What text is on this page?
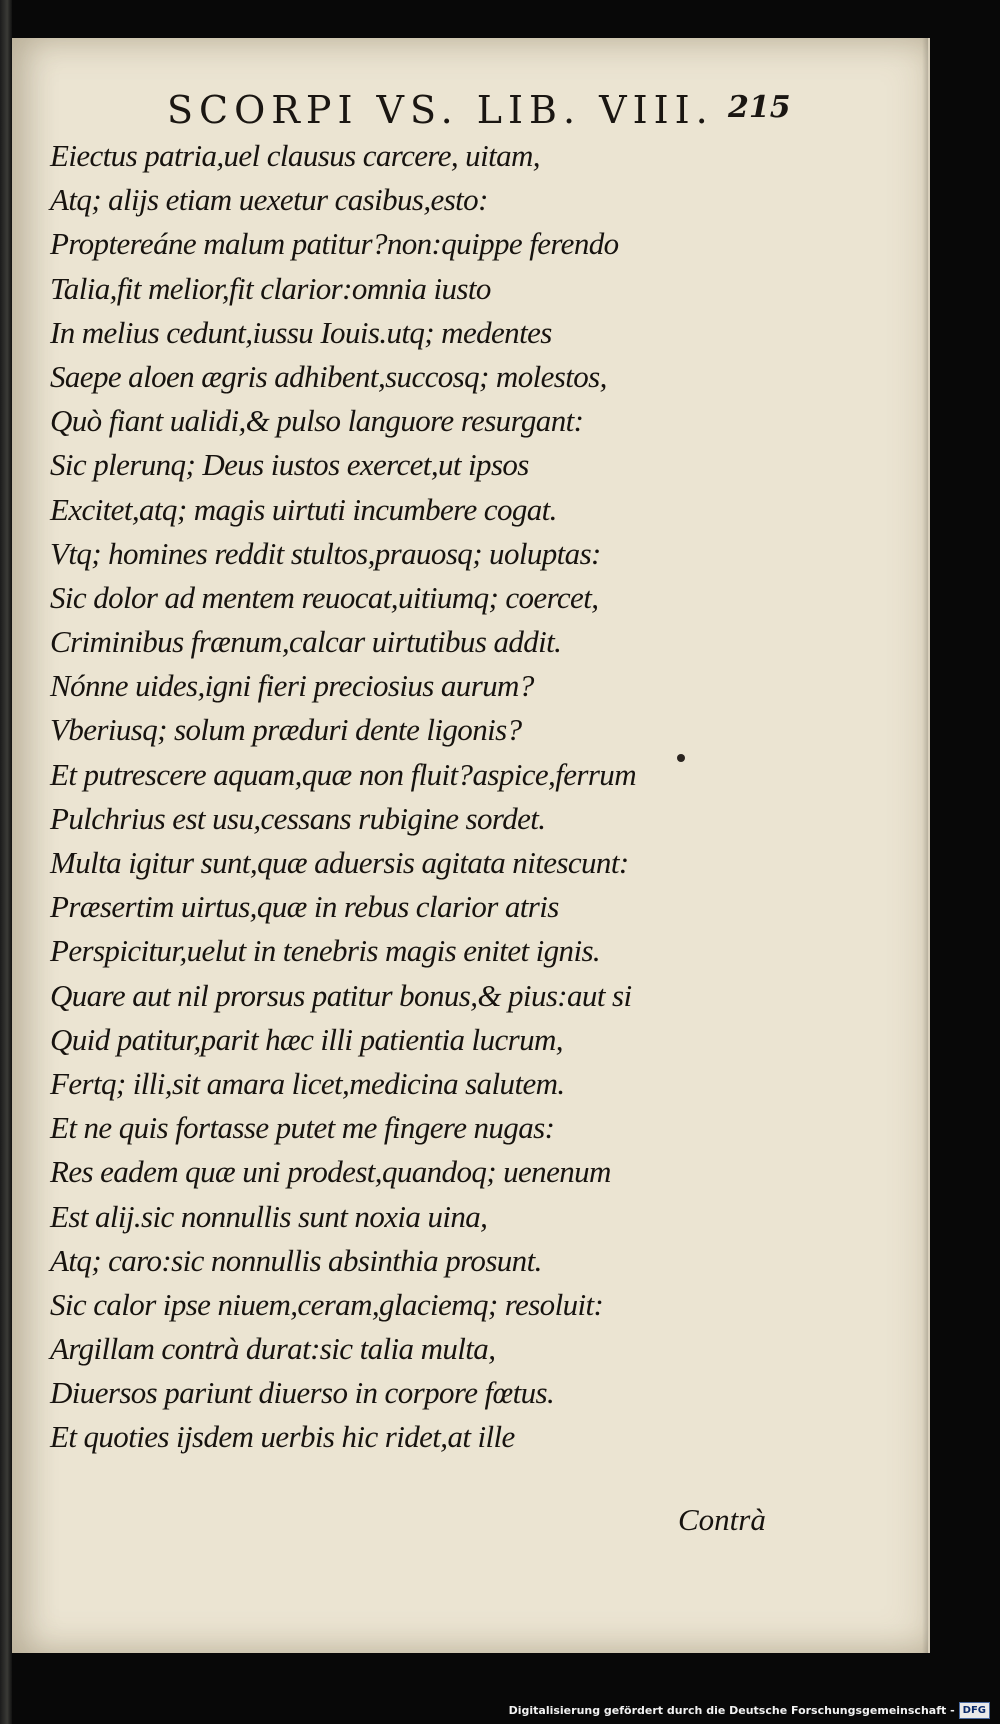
SCORPI VS. LIB. VIII. 215
Eiectus patria,uel clausus carcere, uitam,
Atq; alijs etiam uexetur casibus,esto:
Proptereáne malum patitur?non:quippe ferendo
Talia,fit melior,fit clarior:omnia iusto
In melius cedunt,iussu Iouis.utq; medentes
Saepe aloen ægris adhibent,succosq; molestos,
Quò fiant ualidi,& pulso languore resurgant:
Sic plerunq; Deus iustos exercet,ut ipsos
Excitet,atq; magis uirtuti incumbere cogat.
Vtq; homines reddit stultos,prauosq; uoluptas:
Sic dolor ad mentem reuocat,uitiumq; coercet,
Criminibus frænum,calcar uirtutibus addit.
Nónne uides,igni fieri preciosius aurum?
Vberiusq; solum præduri dente ligonis?
Et putrescere aquam,quæ non fluit?aspice,ferrum
Pulchrius est usu,cessans rubigine sordet.
Multa igitur sunt,quæ aduersis agitata nitescunt:
Præsertim uirtus,quæ in rebus clarior atris
Perspicitur,uelut in tenebris magis enitet ignis.
Quare aut nil prorsus patitur bonus,& pius:aut si
Quid patitur,parit hæc illi patientia lucrum,
Fertq; illi,sit amara licet,medicina salutem.
Et ne quis fortasse putet me fingere nugas:
Res eadem quæ uni prodest,quandoq; uenenum
Est alij.sic nonnullis sunt noxia uina,
Atq; caro:sic nonnullis absinthia prosunt.
Sic calor ipse niuem,ceram,glaciemq; resoluit:
Argillam contrà durat:sic talia multa,
Diuersos pariunt diuerso in corpore fœtus.
Et quoties ijsdem uerbis hic ridet,at ille
Contrà
Digitalisierung gefördert durch die Deutsche Forschungsgemeinschaft - DFG
